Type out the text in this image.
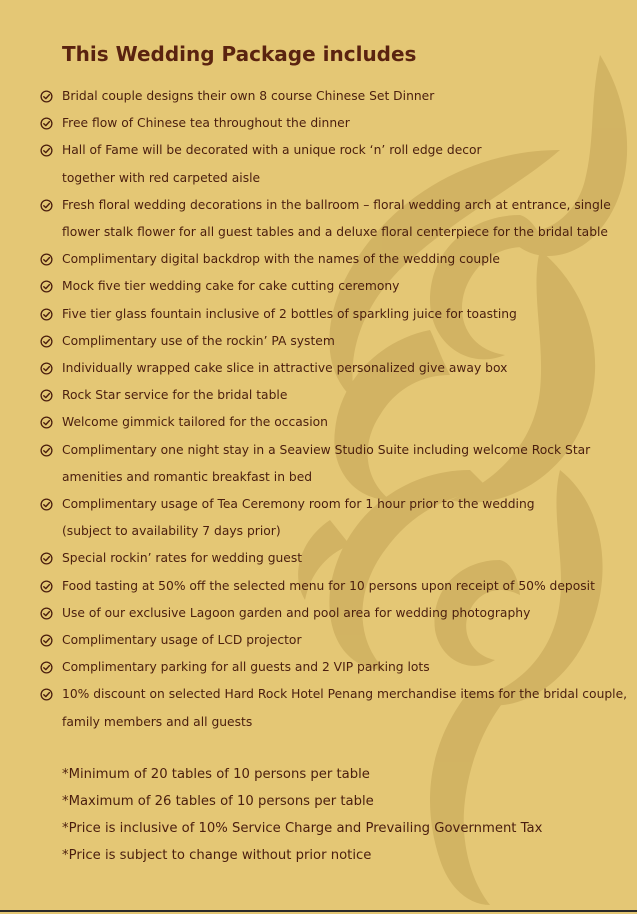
This Wedding Package includes
Bridal couple designs their own 8 course Chinese Set Dinner
Free flow of Chinese tea throughout the dinner
Hall of Fame will be decorated with a unique rock ‘n’ roll edge decor
together with red carpeted aisle
Fresh floral wedding decorations in the ballroom – floral wedding arch at entrance, single
flower stalk flower for all guest tables and a deluxe floral centerpiece for the bridal table
Complimentary digital backdrop with the names of the wedding couple
Mock five tier wedding cake for cake cutting ceremony
Five tier glass fountain inclusive of 2 bottles of sparkling juice for toasting
Complimentary use of the rockin’ PA system
Individually wrapped cake slice in attractive personalized give away box
Rock Star service for the bridal table
Welcome gimmick tailored for the occasion
Complimentary one night stay in a Seaview Studio Suite including welcome Rock Star
amenities and romantic breakfast in bed
Complimentary usage of Tea Ceremony room for 1 hour prior to the wedding
(subject to availability 7 days prior)
Special rockin’ rates for wedding guest
Food tasting at 50% off the selected menu for 10 persons upon receipt of 50% deposit
Use of our exclusive Lagoon garden and pool area for wedding photography
Complimentary usage of LCD projector
Complimentary parking for all guests and 2 VIP parking lots
10% discount on selected Hard Rock Hotel Penang merchandise items for the bridal couple,
family members and all guests
*Minimum of 20 tables of 10 persons per table
*Maximum of 26 tables of 10 persons per table
*Price is inclusive of 10% Service Charge and Prevailing Government Tax
*Price is subject to change without prior notice
